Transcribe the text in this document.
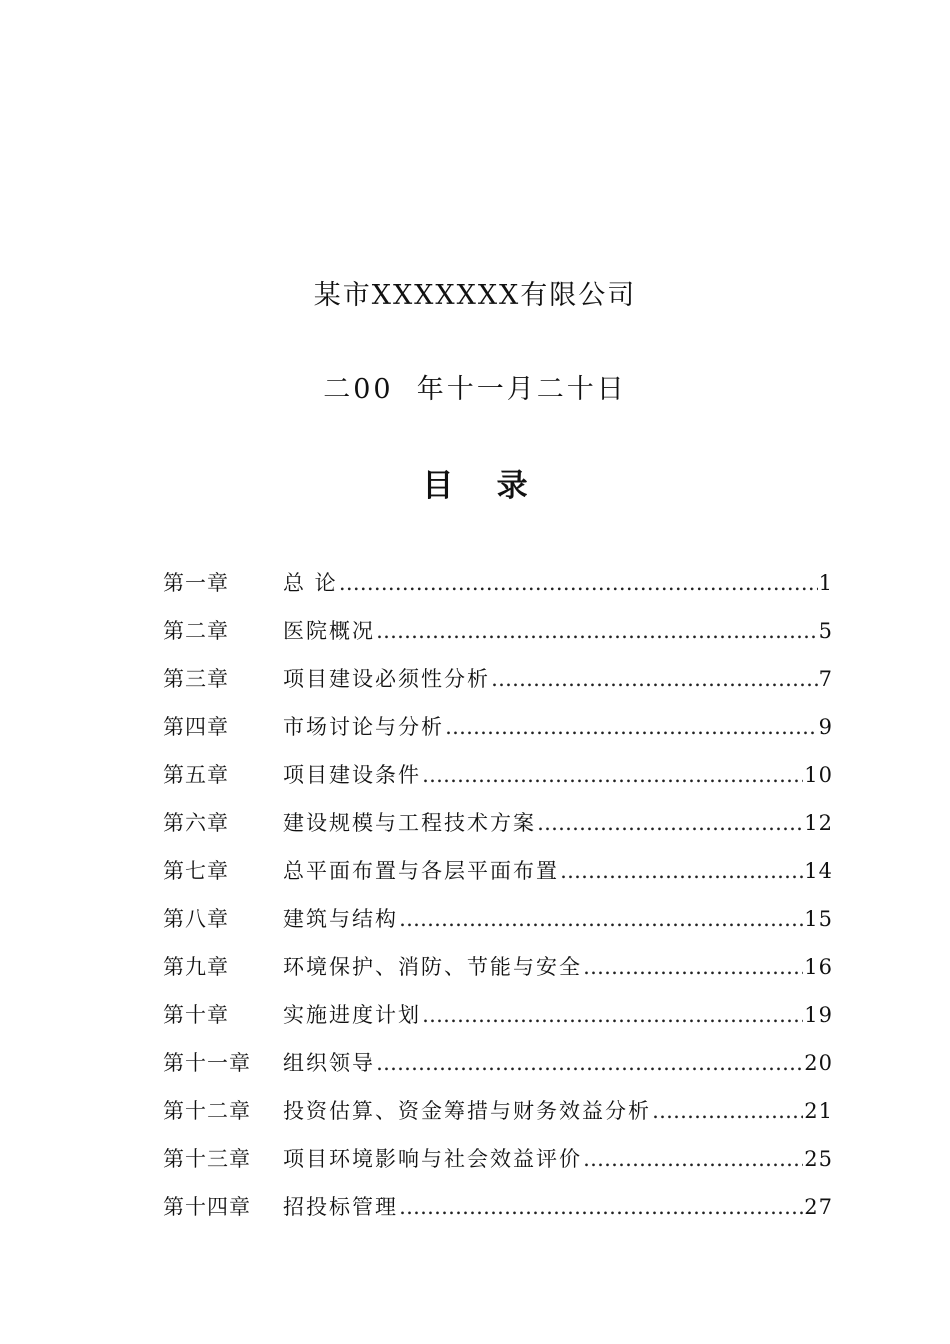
某市XXXXXXX有限公司
二00  年十一月二十日
目    录
第一章	总 论 ……………………………………………………………………………………………………………………………………	1
第二章	医院概况 ……………………………………………………………………………………………………………………………………	5
第三章	项目建设必须性分析 ……………………………………………………………………………………………………………………………………	7
第四章	市场讨论与分析 ……………………………………………………………………………………………………………………………………	9
第五章	项目建设条件 ……………………………………………………………………………………………………………………………………	10
第六章	建设规模与工程技术方案 ……………………………………………………………………………………………………………………………………	12
第七章	总平面布置与各层平面布置 ……………………………………………………………………………………………………………………………………	14
第八章	建筑与结构 ……………………………………………………………………………………………………………………………………	15
第九章	环境保护、消防、节能与安全 ……………………………………………………………………………………………………………………………………	16
第十章	实施进度计划 ……………………………………………………………………………………………………………………………………	19
第十一章	组织领导 ……………………………………………………………………………………………………………………………………	20
第十二章	投资估算、资金筹措与财务效益分析 ……………………………………………………………………………………………………………………………………	21
第十三章	项目环境影响与社会效益评价 ……………………………………………………………………………………………………………………………………	25
第十四章	招投标管理 ……………………………………………………………………………………………………………………………………	27
